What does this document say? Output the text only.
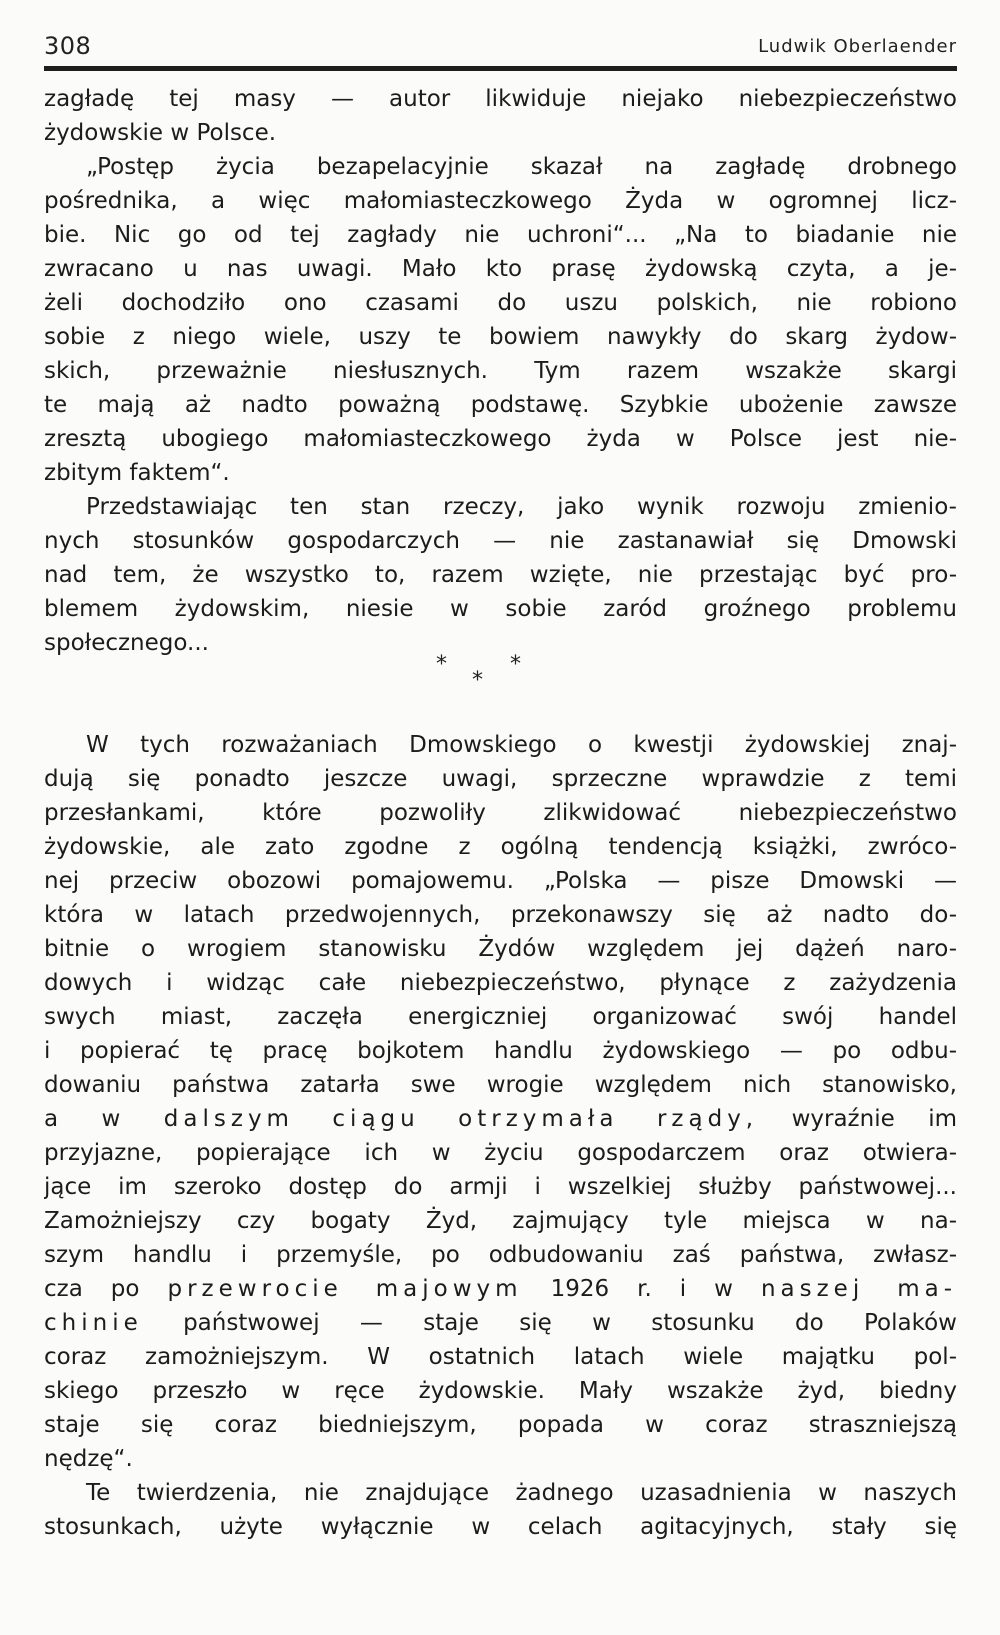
308	Ludwik Oberlaender
zagładę tej masy — autor likwiduje niejako niebezpieczeństwo
żydowskie w Polsce.
„Postęp życia bezapelacyjnie skazał na zagładę drobnego
pośrednika, a więc małomiasteczkowego Żyda w ogromnej licz-
bie. Nic go od tej zagłady nie uchroni“... „Na to biadanie nie
zwracano u nas uwagi. Mało kto prasę żydowską czyta, a je-
żeli dochodziło ono czasami do uszu polskich, nie robiono
sobie z niego wiele, uszy te bowiem nawykły do skarg żydow-
skich, przeważnie niesłusznych. Tym razem wszakże skargi
te mają aż nadto poważną podstawę. Szybkie ubożenie zawsze
zresztą ubogiego małomiasteczkowego żyda w Polsce jest nie-
zbitym faktem“.
Przedstawiając ten stan rzeczy, jako wynik rozwoju zmienio-
nych stosunków gospodarczych — nie zastanawiał się Dmowski
nad tem, że wszystko to, razem wzięte, nie przestając być pro-
blemem żydowskim, niesie w sobie zaród groźnego problemu
społecznego...
*
*
*
W tych rozważaniach Dmowskiego o kwestji żydowskiej znaj-
dują się ponadto jeszcze uwagi, sprzeczne wprawdzie z temi
przesłankami, które pozwoliły zlikwidować niebezpieczeństwo
żydowskie, ale zato zgodne z ogólną tendencją książki, zwróco-
nej przeciw obozowi pomajowemu. „Polska — pisze Dmowski —
która w latach przedwojennych, przekonawszy się aż nadto do-
bitnie o wrogiem stanowisku Żydów względem jej dążeń naro-
dowych i widząc całe niebezpieczeństwo, płynące z zażydzenia
swych miast, zaczęła energiczniej organizować swój handel
i popierać tę pracę bojkotem handlu żydowskiego — po odbu-
dowaniu państwa zatarła swe wrogie względem nich stanowisko,
a w dalszym ciągu otrzymała rządy, wyraźnie im
przyjazne, popierające ich w życiu gospodarczem oraz otwiera-
jące im szeroko dostęp do armji i wszelkiej służby państwowej...
Zamożniejszy czy bogaty Żyd, zajmujący tyle miejsca w na-
szym handlu i przemyśle, po odbudowaniu zaś państwa, zwłasz-
cza po przewrocie majowym 1926 r. i w naszej ma-
chinie państwowej — staje się w stosunku do Polaków
coraz zamożniejszym. W ostatnich latach wiele majątku pol-
skiego przeszło w ręce żydowskie. Mały wszakże żyd, biedny
staje się coraz biedniejszym, popada w coraz straszniejszą
nędzę“.
Te twierdzenia, nie znajdujące żadnego uzasadnienia w naszych
stosunkach, użyte wyłącznie w celach agitacyjnych, stały się
